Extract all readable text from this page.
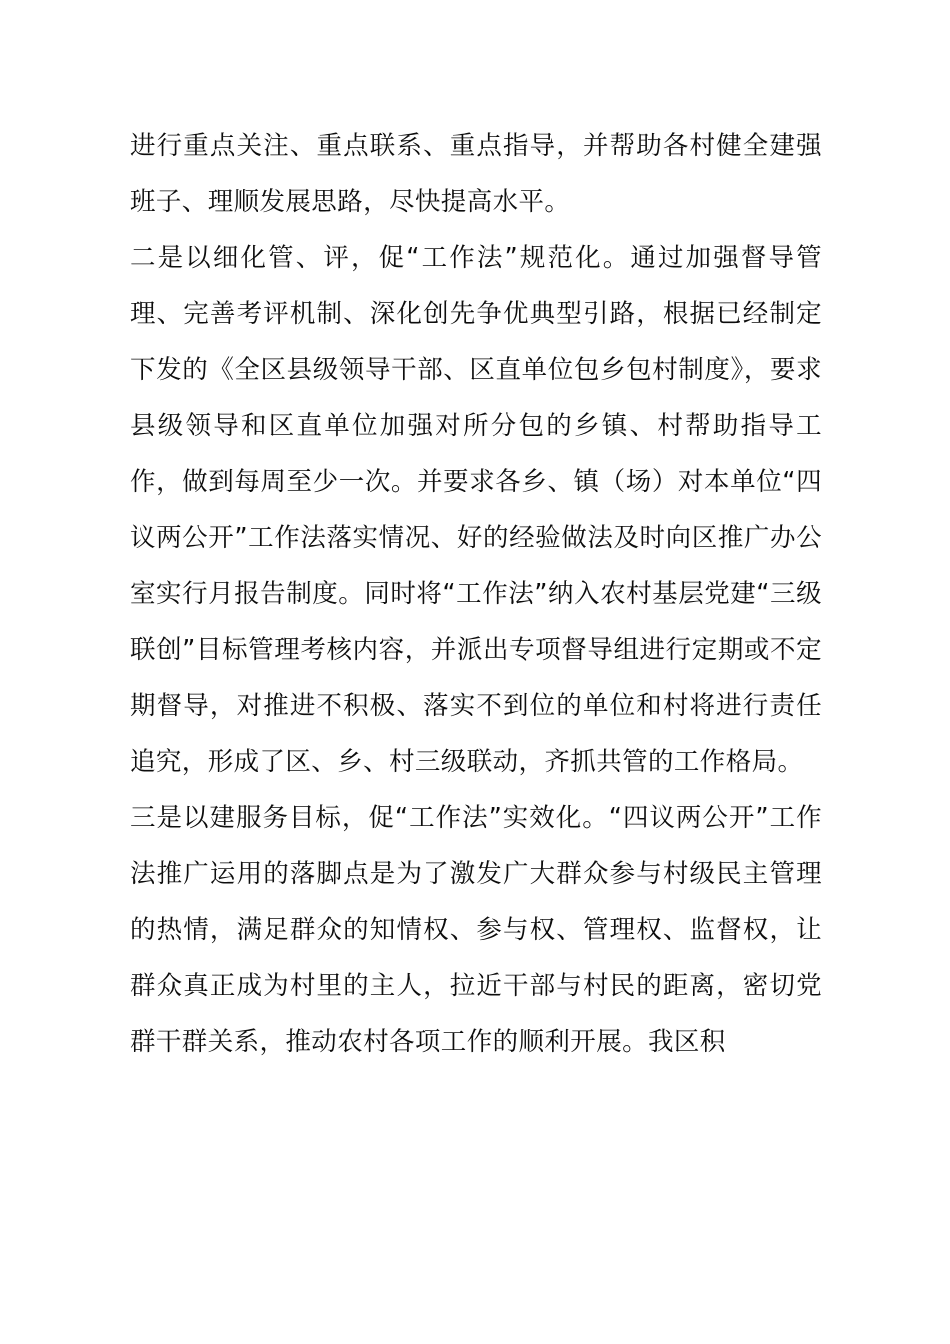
进行重点关注、重点联系、重点指导，并帮助各村健全建强班子、理顺发展思路，尽快提高水平。

二是以细化管、评，促“工作法”规范化。通过加强督导管理、完善考评机制、深化创先争优典型引路，根据已经制定下发的《全区县级领导干部、区直单位包乡包村制度》，要求县级领导和区直单位加强对所分包的乡镇、村帮助指导工作，做到每周至少一次。并要求各乡、镇（场）对本单位“四议两公开”工作法落实情况、好的经验做法及时向区推广办公室实行月报告制度。同时将“工作法”纳入农村基层党建“三级联创”目标管理考核内容，并派出专项督导组进行定期或不定期督导，对推进不积极、落实不到位的单位和村将进行责任追究，形成了区、乡、村三级联动，齐抓共管的工作格局。

三是以建服务目标，促“工作法”实效化。“四议两公开”工作法推广运用的落脚点是为了激发广大群众参与村级民主管理的热情，满足群众的知情权、参与权、管理权、监督权，让群众真正成为村里的主人，拉近干部与村民的距离，密切党群干群关系，推动农村各项工作的顺利开展。我区积
